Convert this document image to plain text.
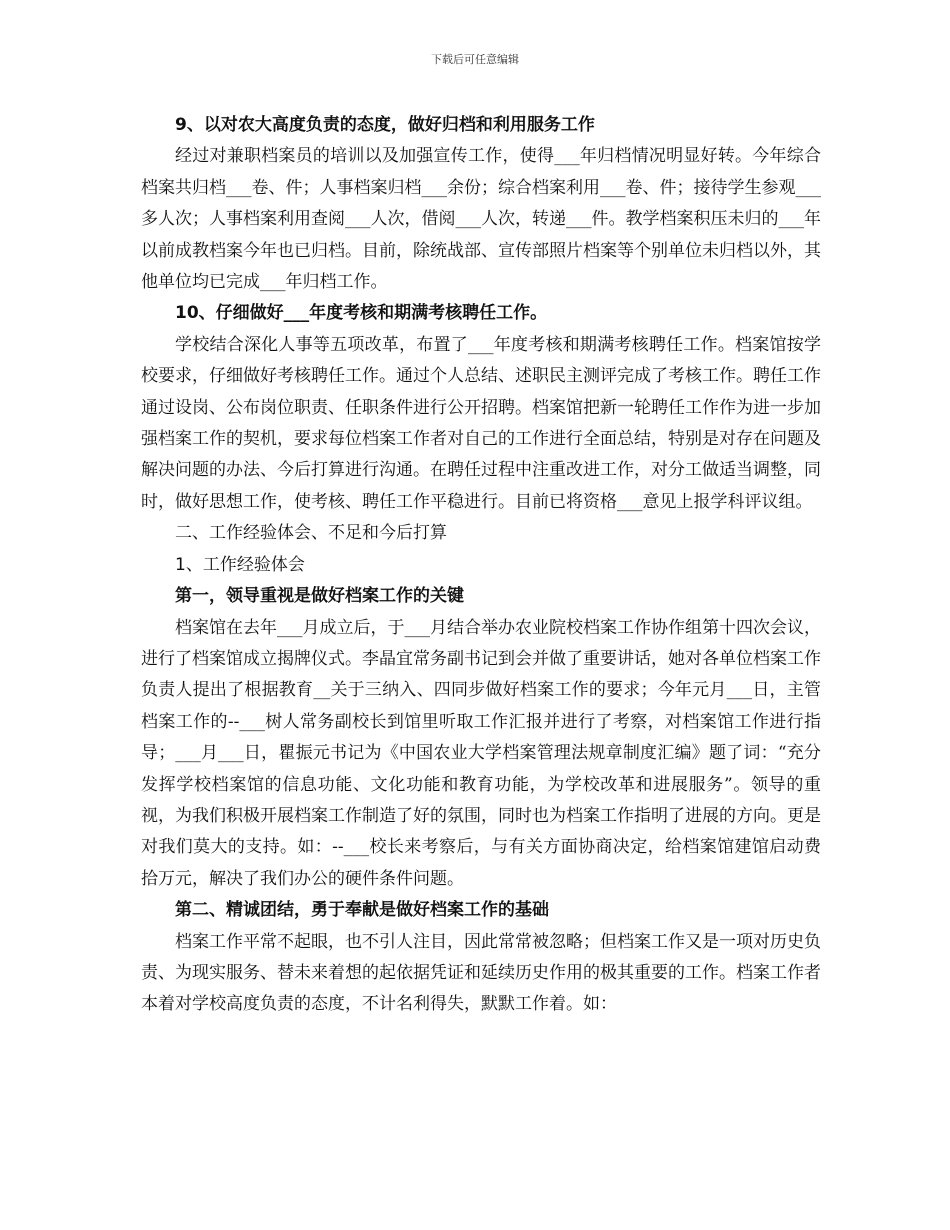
下载后可任意编辑

9、以对农大高度负责的态度，做好归档和利用服务工作

经过对兼职档案员的培训以及加强宣传工作，使得___年归档情况明显好转。今年综合档案共归档___卷、件；人事档案归档___余份；综合档案利用___卷、件；接待学生参观___多人次；人事档案利用查阅___人次，借阅___人次，转递___件。教学档案积压未归的___年以前成教档案今年也已归档。目前，除统战部、宣传部照片档案等个别单位未归档以外，其他单位均已完成___年归档工作。

10、仔细做好___年度考核和期满考核聘任工作。

学校结合深化人事等五项改革，布置了___年度考核和期满考核聘任工作。档案馆按学校要求，仔细做好考核聘任工作。通过个人总结、述职民主测评完成了考核工作。聘任工作通过设岗、公布岗位职责、任职条件进行公开招聘。档案馆把新一轮聘任工作作为进一步加强档案工作的契机，要求每位档案工作者对自己的工作进行全面总结，特别是对存在问题及解决问题的办法、今后打算进行沟通。在聘任过程中注重改进工作，对分工做适当调整，同时，做好思想工作，使考核、聘任工作平稳进行。目前已将资格___意见上报学科评议组。

二、工作经验体会、不足和今后打算

1、工作经验体会

第一，领导重视是做好档案工作的关键

档案馆在去年___月成立后，于___月结合举办农业院校档案工作协作组第十四次会议，进行了档案馆成立揭牌仪式。李晶宜常务副书记到会并做了重要讲话，她对各单位档案工作负责人提出了根据教育__关于三纳入、四同步做好档案工作的要求；今年元月___日，主管档案工作的--___树人常务副校长到馆里听取工作汇报并进行了考察，对档案馆工作进行指导；___月___日，瞿振元书记为《中国农业大学档案管理法规章制度汇编》题了词：“充分发挥学校档案馆的信息功能、文化功能和教育功能，为学校改革和进展服务”。领导的重视，为我们积极开展档案工作制造了好的氛围，同时也为档案工作指明了进展的方向。更是对我们莫大的支持。如：--___校长来考察后，与有关方面协商决定，给档案馆建馆启动费拾万元，解决了我们办公的硬件条件问题。

第二、精诚团结，勇于奉献是做好档案工作的基础

档案工作平常不起眼，也不引人注目，因此常常被忽略；但档案工作又是一项对历史负责、为现实服务、替未来着想的起依据凭证和延续历史作用的极其重要的工作。档案工作者本着对学校高度负责的态度，不计名利得失，默默工作着。如：
